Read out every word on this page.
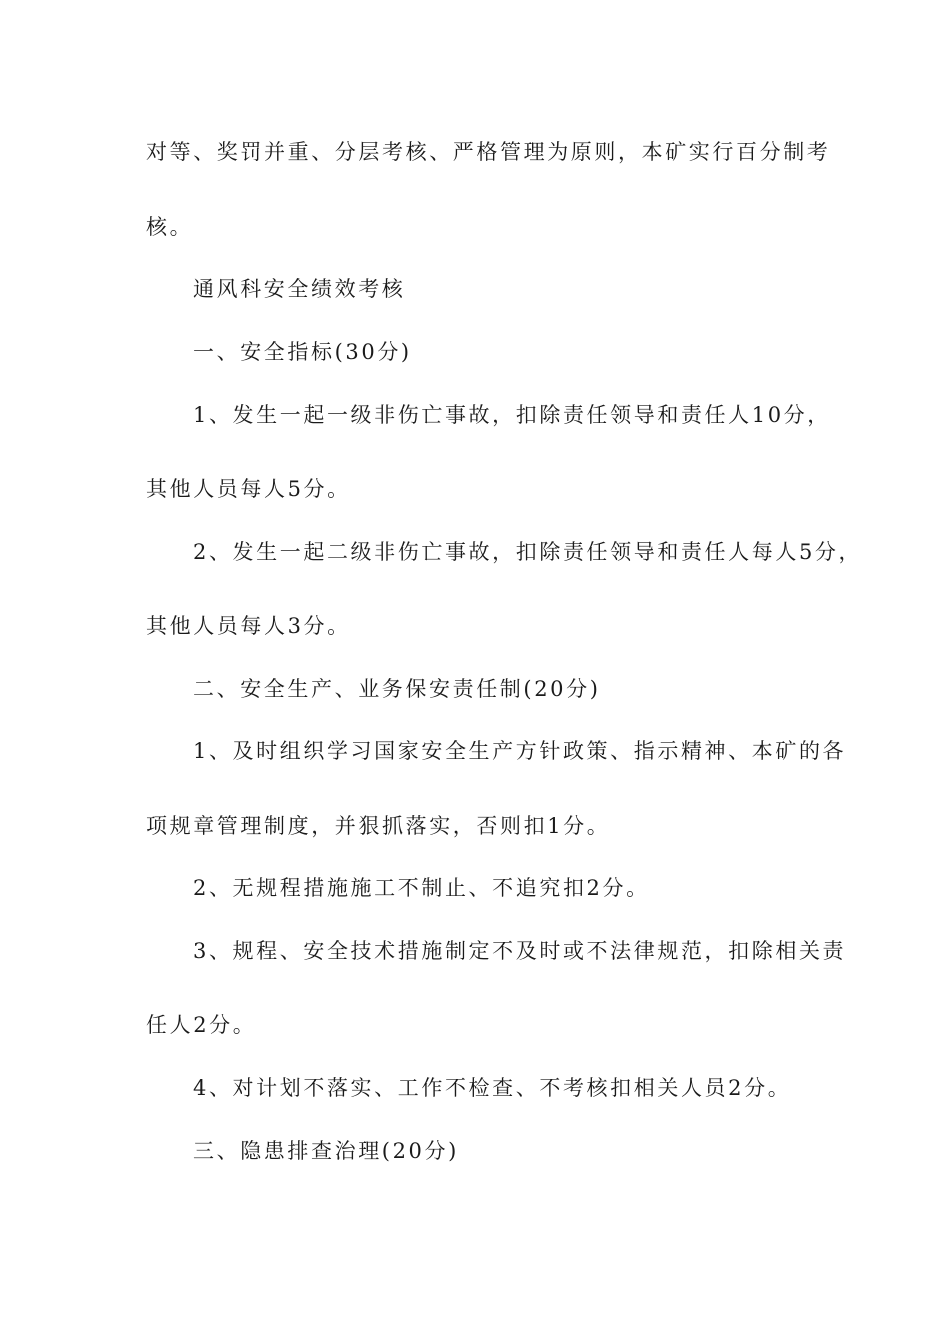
对等、奖罚并重、分层考核、严格管理为原则，本矿实行百分制考
核。
通风科安全绩效考核
一、安全指标(30分)
1、发生一起一级非伤亡事故，扣除责任领导和责任人10分，
其他人员每人5分。
2、发生一起二级非伤亡事故，扣除责任领导和责任人每人5分，
其他人员每人3分。
二、安全生产、业务保安责任制(20分)
1、及时组织学习国家安全生产方针政策、指示精神、本矿的各
项规章管理制度，并狠抓落实，否则扣1分。
2、无规程措施施工不制止、不追究扣2分。
3、规程、安全技术措施制定不及时或不法律规范，扣除相关责
任人2分。
4、对计划不落实、工作不检查、不考核扣相关人员2分。
三、隐患排查治理(20分)
